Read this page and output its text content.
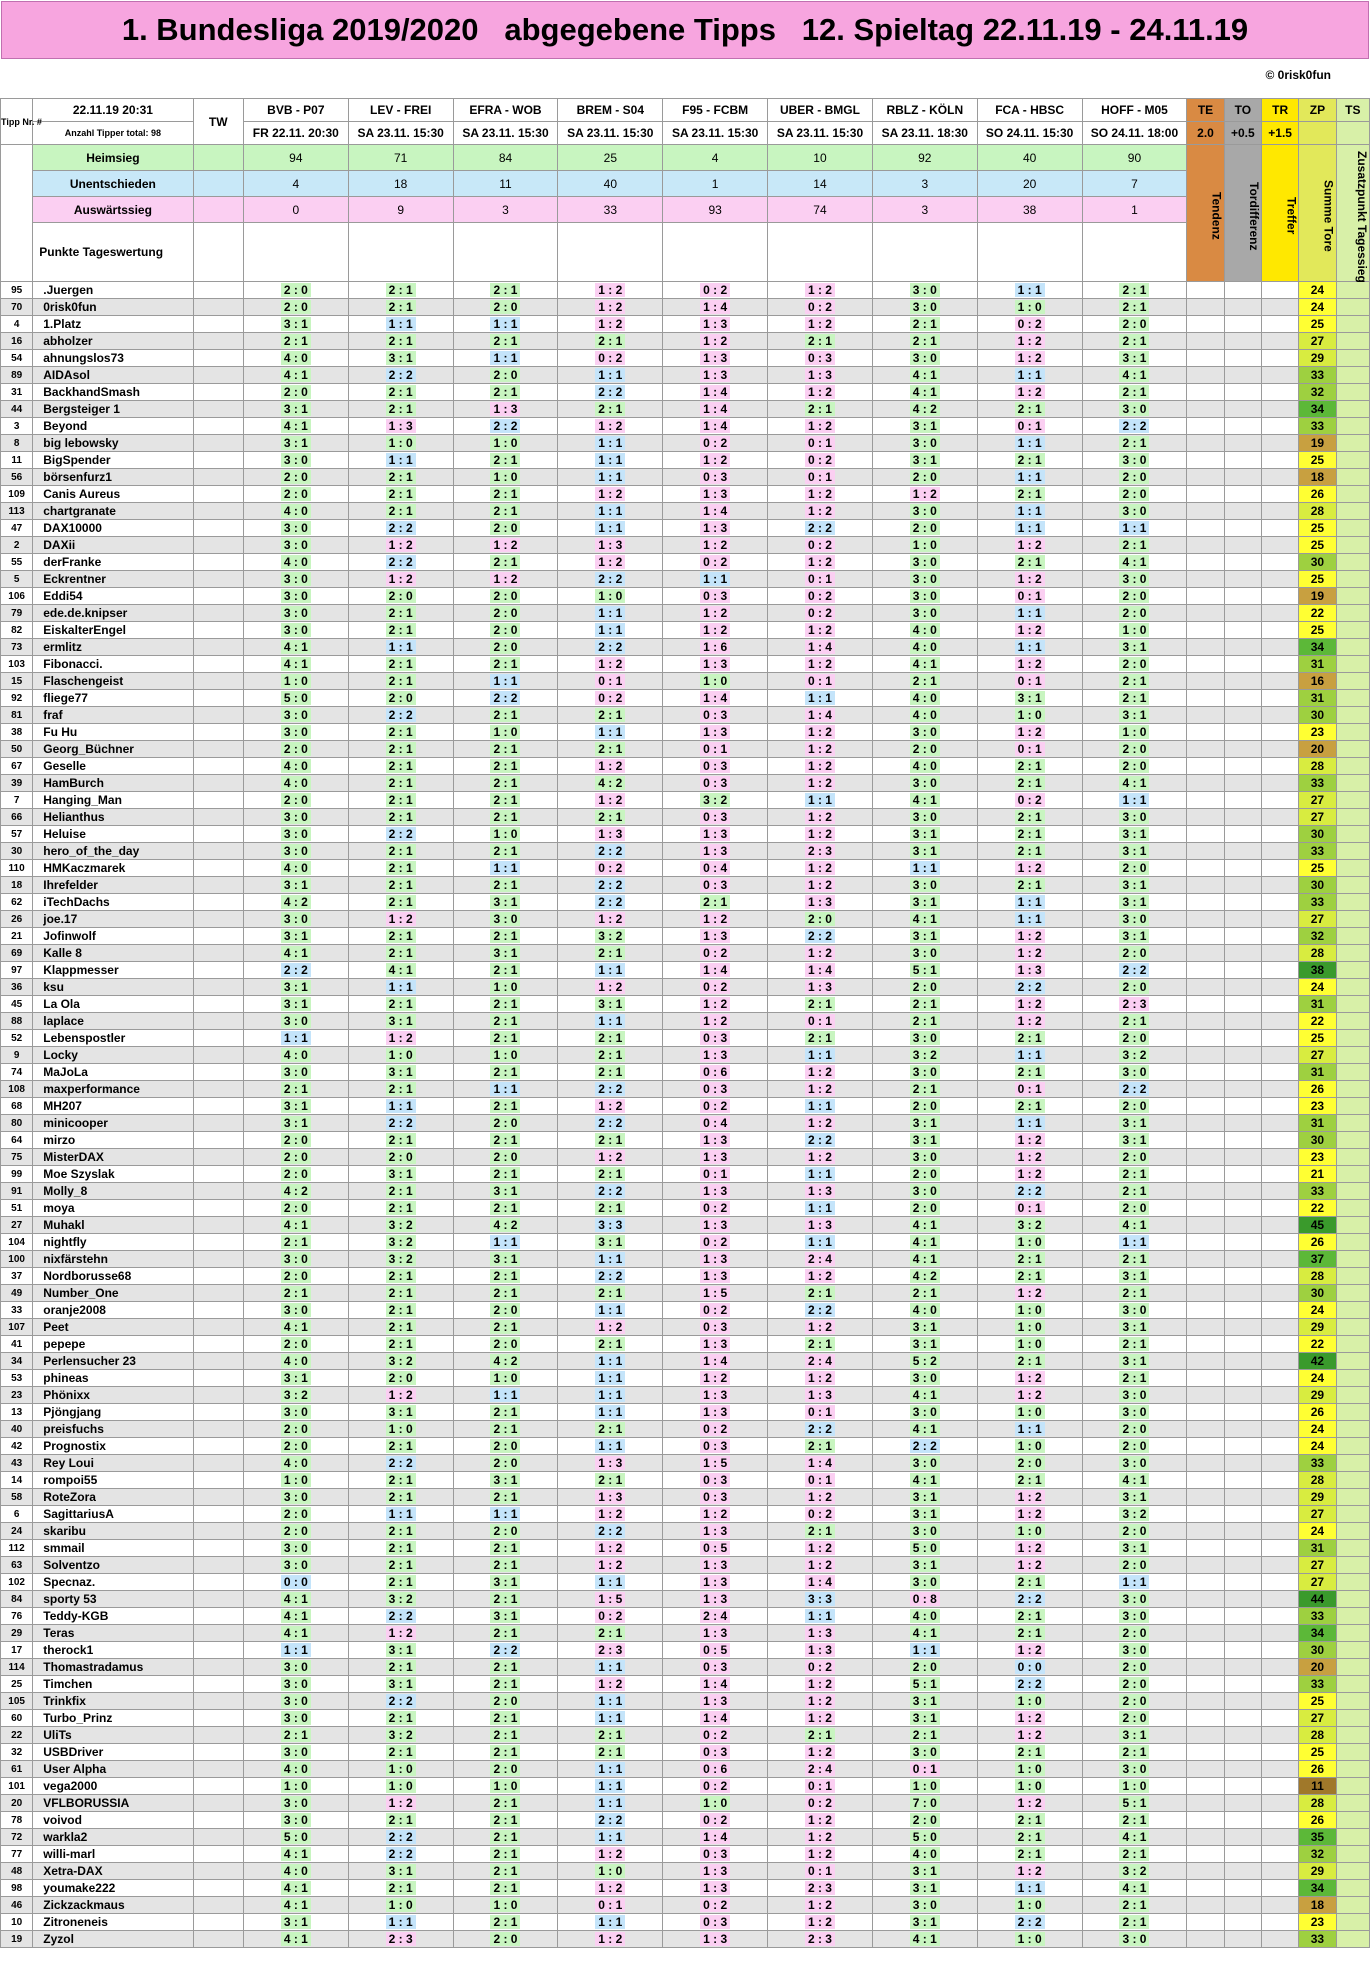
1. Bundesliga 2019/2020   abgegebene Tipps   12. Spieltag 22.11.19 - 24.11.19
© 0risk0fun
Tipp Nr. #	22.11.19 20:31	TW	BVB - P07	LEV - FREI	EFRA - WOB	BREM - S04	F95 - FCBM	UBER - BMGL	RBLZ - KÖLN	FCA - HBSC	HOFF - M05	TE	TO	TR	ZP	TS
	Anzahl Tipper total: 98		FR 22.11. 20:30	SA 23.11. 15:30	SA 23.11. 15:30	SA 23.11. 15:30	SA 23.11. 15:30	SA 23.11. 15:30	SA 23.11. 18:30	SO 24.11. 15:30	SO 24.11. 18:00	2.0	+0.5	+1.5		
	Heimsieg		94	71	84	25	4	10	92	40	90	Tendenz	Tordifferenz	Treffer	Summe Tore	Zusatzpunkt Tagessieg
	Unentschieden		4	18	11	40	1	14	3	20	7					
	Auswärtssieg		0	9	3	33	93	74	3	38	1					
	Punkte Tageswertung															
95	.Juergen		2 : 0	2 : 1	2 : 1	1 : 2	0 : 2	1 : 2	3 : 0	1 : 1	2 : 1				24	
70	0risk0fun		2 : 0	2 : 1	2 : 0	1 : 2	1 : 4	0 : 2	3 : 0	1 : 0	2 : 1				24	
4	1.Platz		3 : 1	1 : 1	1 : 1	1 : 2	1 : 3	1 : 2	2 : 1	0 : 2	2 : 0				25	
16	abholzer		2 : 1	2 : 1	2 : 1	2 : 1	1 : 2	2 : 1	2 : 1	1 : 2	2 : 1				27	
54	ahnungslos73		4 : 0	3 : 1	1 : 1	0 : 2	1 : 3	0 : 3	3 : 0	1 : 2	3 : 1				29	
89	AIDAsol		4 : 1	2 : 2	2 : 0	1 : 1	1 : 3	1 : 3	4 : 1	1 : 1	4 : 1				33	
31	BackhandSmash		2 : 0	2 : 1	2 : 1	2 : 2	1 : 4	1 : 2	4 : 1	1 : 2	2 : 1				32	
44	Bergsteiger 1		3 : 1	2 : 1	1 : 3	2 : 1	1 : 4	2 : 1	4 : 2	2 : 1	3 : 0				34	
3	Beyond		4 : 1	1 : 3	2 : 2	1 : 2	1 : 4	1 : 2	3 : 1	0 : 1	2 : 2				33	
8	big lebowsky		3 : 1	1 : 0	1 : 0	1 : 1	0 : 2	0 : 1	3 : 0	1 : 1	2 : 1				19	
11	BigSpender		3 : 0	1 : 1	2 : 1	1 : 1	1 : 2	0 : 2	3 : 1	2 : 1	3 : 0				25	
56	börsenfurz1		2 : 0	2 : 1	1 : 0	1 : 1	0 : 3	0 : 1	2 : 0	1 : 1	2 : 0				18	
109	Canis Aureus		2 : 0	2 : 1	2 : 1	1 : 2	1 : 3	1 : 2	1 : 2	2 : 1	2 : 0				26	
113	chartgranate		4 : 0	2 : 1	2 : 1	1 : 1	1 : 4	1 : 2	3 : 0	1 : 1	3 : 0				28	
47	DAX10000		3 : 0	2 : 2	2 : 0	1 : 1	1 : 3	2 : 2	2 : 0	1 : 1	1 : 1				25	
2	DAXii		3 : 0	1 : 2	1 : 2	1 : 3	1 : 2	0 : 2	1 : 0	1 : 2	2 : 1				25	
55	derFranke		4 : 0	2 : 2	2 : 1	1 : 2	0 : 2	1 : 2	3 : 0	2 : 1	4 : 1				30	
5	Eckrentner		3 : 0	1 : 2	1 : 2	2 : 2	1 : 1	0 : 1	3 : 0	1 : 2	3 : 0				25	
106	Eddi54		3 : 0	2 : 0	2 : 0	1 : 0	0 : 3	0 : 2	3 : 0	0 : 1	2 : 0				19	
79	ede.de.knipser		3 : 0	2 : 1	2 : 0	1 : 1	1 : 2	0 : 2	3 : 0	1 : 1	2 : 0				22	
82	EiskalterEngel		3 : 0	2 : 1	2 : 0	1 : 1	1 : 2	1 : 2	4 : 0	1 : 2	1 : 0				25	
73	ermlitz		4 : 1	1 : 1	2 : 0	2 : 2	1 : 6	1 : 4	4 : 0	1 : 1	3 : 1				34	
103	Fibonacci.		4 : 1	2 : 1	2 : 1	1 : 2	1 : 3	1 : 2	4 : 1	1 : 2	2 : 0				31	
15	Flaschengeist		1 : 0	2 : 1	1 : 1	0 : 1	1 : 0	0 : 1	2 : 1	0 : 1	2 : 1				16	
92	fliege77		5 : 0	2 : 0	2 : 2	0 : 2	1 : 4	1 : 1	4 : 0	3 : 1	2 : 1				31	
81	fraf		3 : 0	2 : 2	2 : 1	2 : 1	0 : 3	1 : 4	4 : 0	1 : 0	3 : 1				30	
38	Fu Hu		3 : 0	2 : 1	1 : 0	1 : 1	1 : 3	1 : 2	3 : 0	1 : 2	1 : 0				23	
50	Georg_Büchner		2 : 0	2 : 1	2 : 1	2 : 1	0 : 1	1 : 2	2 : 0	0 : 1	2 : 0				20	
67	Geselle		4 : 0	2 : 1	2 : 1	1 : 2	0 : 3	1 : 2	4 : 0	2 : 1	2 : 0				28	
39	HamBurch		4 : 0	2 : 1	2 : 1	4 : 2	0 : 3	1 : 2	3 : 0	2 : 1	4 : 1				33	
7	Hanging_Man		2 : 0	2 : 1	2 : 1	1 : 2	3 : 2	1 : 1	4 : 1	0 : 2	1 : 1				27	
66	Helianthus		3 : 0	2 : 1	2 : 1	2 : 1	0 : 3	1 : 2	3 : 0	2 : 1	3 : 0				27	
57	Heluise		3 : 0	2 : 2	1 : 0	1 : 3	1 : 3	1 : 2	3 : 1	2 : 1	3 : 1				30	
30	hero_of_the_day		3 : 0	2 : 1	2 : 1	2 : 2	1 : 3	2 : 3	3 : 1	2 : 1	3 : 1				33	
110	HMKaczmarek		4 : 0	2 : 1	1 : 1	0 : 2	0 : 4	1 : 2	1 : 1	1 : 2	2 : 0				25	
18	Ihrefelder		3 : 1	2 : 1	2 : 1	2 : 2	0 : 3	1 : 2	3 : 0	2 : 1	3 : 1				30	
62	iTechDachs		4 : 2	2 : 1	3 : 1	2 : 2	2 : 1	1 : 3	3 : 1	1 : 1	3 : 1				33	
26	joe.17		3 : 0	1 : 2	3 : 0	1 : 2	1 : 2	2 : 0	4 : 1	1 : 1	3 : 0				27	
21	Jofinwolf		3 : 1	2 : 1	2 : 1	3 : 2	1 : 3	2 : 2	3 : 1	1 : 2	3 : 1				32	
69	Kalle 8		4 : 1	2 : 1	3 : 1	2 : 1	0 : 2	1 : 2	3 : 0	1 : 2	2 : 0				28	
97	Klappmesser		2 : 2	4 : 1	2 : 1	1 : 1	1 : 4	1 : 4	5 : 1	1 : 3	2 : 2				38	
36	ksu		3 : 1	1 : 1	1 : 0	1 : 2	0 : 2	1 : 3	2 : 0	2 : 2	2 : 0				24	
45	La Ola		3 : 1	2 : 1	2 : 1	3 : 1	1 : 2	2 : 1	2 : 1	1 : 2	2 : 3				31	
88	laplace		3 : 0	3 : 1	2 : 1	1 : 1	1 : 2	0 : 1	2 : 1	1 : 2	2 : 1				22	
52	Lebenspostler		1 : 1	1 : 2	2 : 1	2 : 1	0 : 3	2 : 1	3 : 0	2 : 1	2 : 0				25	
9	Locky		4 : 0	1 : 0	1 : 0	2 : 1	1 : 3	1 : 1	3 : 2	1 : 1	3 : 2				27	
74	MaJoLa		3 : 0	3 : 1	2 : 1	2 : 1	0 : 6	1 : 2	3 : 0	2 : 1	3 : 0				31	
108	maxperformance		2 : 1	2 : 1	1 : 1	2 : 2	0 : 3	1 : 2	2 : 1	0 : 1	2 : 2				26	
68	MH207		3 : 1	1 : 1	2 : 1	1 : 2	0 : 2	1 : 1	2 : 0	2 : 1	2 : 0				23	
80	minicooper		3 : 1	2 : 2	2 : 0	2 : 2	0 : 4	1 : 2	3 : 1	1 : 1	3 : 1				31	
64	mirzo		2 : 0	2 : 1	2 : 1	2 : 1	1 : 3	2 : 2	3 : 1	1 : 2	3 : 1				30	
75	MisterDAX		2 : 0	2 : 0	2 : 0	1 : 2	1 : 3	1 : 2	3 : 0	1 : 2	2 : 0				23	
99	Moe Szyslak		2 : 0	3 : 1	2 : 1	2 : 1	0 : 1	1 : 1	2 : 0	1 : 2	2 : 1				21	
91	Molly_8		4 : 2	2 : 1	3 : 1	2 : 2	1 : 3	1 : 3	3 : 0	2 : 2	2 : 1				33	
51	moya		2 : 0	2 : 1	2 : 1	2 : 1	0 : 2	1 : 1	2 : 0	0 : 1	2 : 0				22	
27	Muhakl		4 : 1	3 : 2	4 : 2	3 : 3	1 : 3	1 : 3	4 : 1	3 : 2	4 : 1				45	
104	nightfly		2 : 1	3 : 2	1 : 1	3 : 1	0 : 2	1 : 1	4 : 1	1 : 0	1 : 1				26	
100	nixfärstehn		3 : 0	3 : 2	3 : 1	1 : 1	1 : 3	2 : 4	4 : 1	2 : 1	2 : 1				37	
37	Nordborusse68		2 : 0	2 : 1	2 : 1	2 : 2	1 : 3	1 : 2	4 : 2	2 : 1	3 : 1				28	
49	Number_One		2 : 1	2 : 1	2 : 1	2 : 1	1 : 5	2 : 1	2 : 1	1 : 2	2 : 1				30	
33	oranje2008		3 : 0	2 : 1	2 : 0	1 : 1	0 : 2	2 : 2	4 : 0	1 : 0	3 : 0				24	
107	Peet		4 : 1	2 : 1	2 : 1	1 : 2	0 : 3	1 : 2	3 : 1	1 : 0	3 : 1				29	
41	pepepe		2 : 0	2 : 1	2 : 0	2 : 1	1 : 3	2 : 1	3 : 1	1 : 0	2 : 1				22	
34	Perlensucher 23		4 : 0	3 : 2	4 : 2	1 : 1	1 : 4	2 : 4	5 : 2	2 : 1	3 : 1				42	
53	phineas		3 : 1	2 : 0	1 : 0	1 : 1	1 : 2	1 : 2	3 : 0	1 : 2	2 : 1				24	
23	Phönixx		3 : 2	1 : 2	1 : 1	1 : 1	1 : 3	1 : 3	4 : 1	1 : 2	3 : 0				29	
13	Pjöngjang		3 : 0	3 : 1	2 : 1	1 : 1	1 : 3	0 : 1	3 : 0	1 : 0	3 : 0				26	
40	preisfuchs		2 : 0	1 : 0	2 : 1	2 : 1	0 : 2	2 : 2	4 : 1	1 : 1	2 : 0				24	
42	Prognostix		2 : 0	2 : 1	2 : 0	1 : 1	0 : 3	2 : 1	2 : 2	1 : 0	2 : 0				24	
43	Rey Loui		4 : 0	2 : 2	2 : 0	1 : 3	1 : 5	1 : 4	3 : 0	2 : 0	3 : 0				33	
14	rompoi55		1 : 0	2 : 1	3 : 1	2 : 1	0 : 3	0 : 1	4 : 1	2 : 1	4 : 1				28	
58	RoteZora		3 : 0	2 : 1	2 : 1	1 : 3	0 : 3	1 : 2	3 : 1	1 : 2	3 : 1				29	
6	SagittariusA		2 : 0	1 : 1	1 : 1	1 : 2	1 : 2	0 : 2	3 : 1	1 : 2	3 : 2				27	
24	skaribu		2 : 0	2 : 1	2 : 0	2 : 2	1 : 3	2 : 1	3 : 0	1 : 0	2 : 0				24	
112	smmail		3 : 0	2 : 1	2 : 1	1 : 2	0 : 5	1 : 2	5 : 0	1 : 2	3 : 1				31	
63	Solventzo		3 : 0	2 : 1	2 : 1	1 : 2	1 : 3	1 : 2	3 : 1	1 : 2	2 : 0				27	
102	Specnaz.		0 : 0	2 : 1	3 : 1	1 : 1	1 : 3	1 : 4	3 : 0	2 : 1	1 : 1				27	
84	sporty 53		4 : 1	3 : 2	2 : 1	1 : 5	1 : 3	3 : 3	0 : 8	2 : 2	3 : 0				44	
76	Teddy-KGB		4 : 1	2 : 2	3 : 1	0 : 2	2 : 4	1 : 1	4 : 0	2 : 1	3 : 0				33	
29	Teras		4 : 1	1 : 2	2 : 1	2 : 1	1 : 3	1 : 3	4 : 1	2 : 1	2 : 0				34	
17	therock1		1 : 1	3 : 1	2 : 2	2 : 3	0 : 5	1 : 3	1 : 1	1 : 2	3 : 0				30	
114	Thomastradamus		3 : 0	2 : 1	2 : 1	1 : 1	0 : 3	0 : 2	2 : 0	0 : 0	2 : 0				20	
25	Timchen		3 : 0	3 : 1	2 : 1	1 : 2	1 : 4	1 : 2	5 : 1	2 : 2	2 : 0				33	
105	Trinkfix		3 : 0	2 : 2	2 : 0	1 : 1	1 : 3	1 : 2	3 : 1	1 : 0	2 : 0				25	
60	Turbo_Prinz		3 : 0	2 : 1	2 : 1	1 : 1	1 : 4	1 : 2	3 : 1	1 : 2	2 : 0				27	
22	UliTs		2 : 1	3 : 2	2 : 1	2 : 1	0 : 2	2 : 1	2 : 1	1 : 2	3 : 1				28	
32	USBDriver		3 : 0	2 : 1	2 : 1	2 : 1	0 : 3	1 : 2	3 : 0	2 : 1	2 : 1				25	
61	User Alpha		4 : 0	1 : 0	2 : 0	1 : 1	0 : 6	2 : 4	0 : 1	1 : 0	3 : 0				26	
101	vega2000		1 : 0	1 : 0	1 : 0	1 : 1	0 : 2	0 : 1	1 : 0	1 : 0	1 : 0				11	
20	VFLBORUSSIA		3 : 0	1 : 2	2 : 1	1 : 1	1 : 0	0 : 2	7 : 0	1 : 2	5 : 1				28	
78	voivod		3 : 0	2 : 1	2 : 1	2 : 2	0 : 2	1 : 2	2 : 0	2 : 1	2 : 1				26	
72	warkla2		5 : 0	2 : 2	2 : 1	1 : 1	1 : 4	1 : 2	5 : 0	2 : 1	4 : 1				35	
77	willi-marl		4 : 1	2 : 2	2 : 1	1 : 2	0 : 3	1 : 2	4 : 0	2 : 1	2 : 1				32	
48	Xetra-DAX		4 : 0	3 : 1	2 : 1	1 : 0	1 : 3	0 : 1	3 : 1	1 : 2	3 : 2				29	
98	youmake222		4 : 1	2 : 1	2 : 1	1 : 2	1 : 3	2 : 3	3 : 1	1 : 1	4 : 1				34	
46	Zickzackmaus		4 : 1	1 : 0	1 : 0	0 : 1	0 : 2	1 : 2	3 : 0	1 : 0	2 : 1				18	
10	Zitroneneis		3 : 1	1 : 1	2 : 1	1 : 1	0 : 3	1 : 2	3 : 1	2 : 2	2 : 1				23	
19	Zyzol		4 : 1	2 : 3	2 : 0	1 : 2	1 : 3	2 : 3	4 : 1	1 : 0	3 : 0				33	
